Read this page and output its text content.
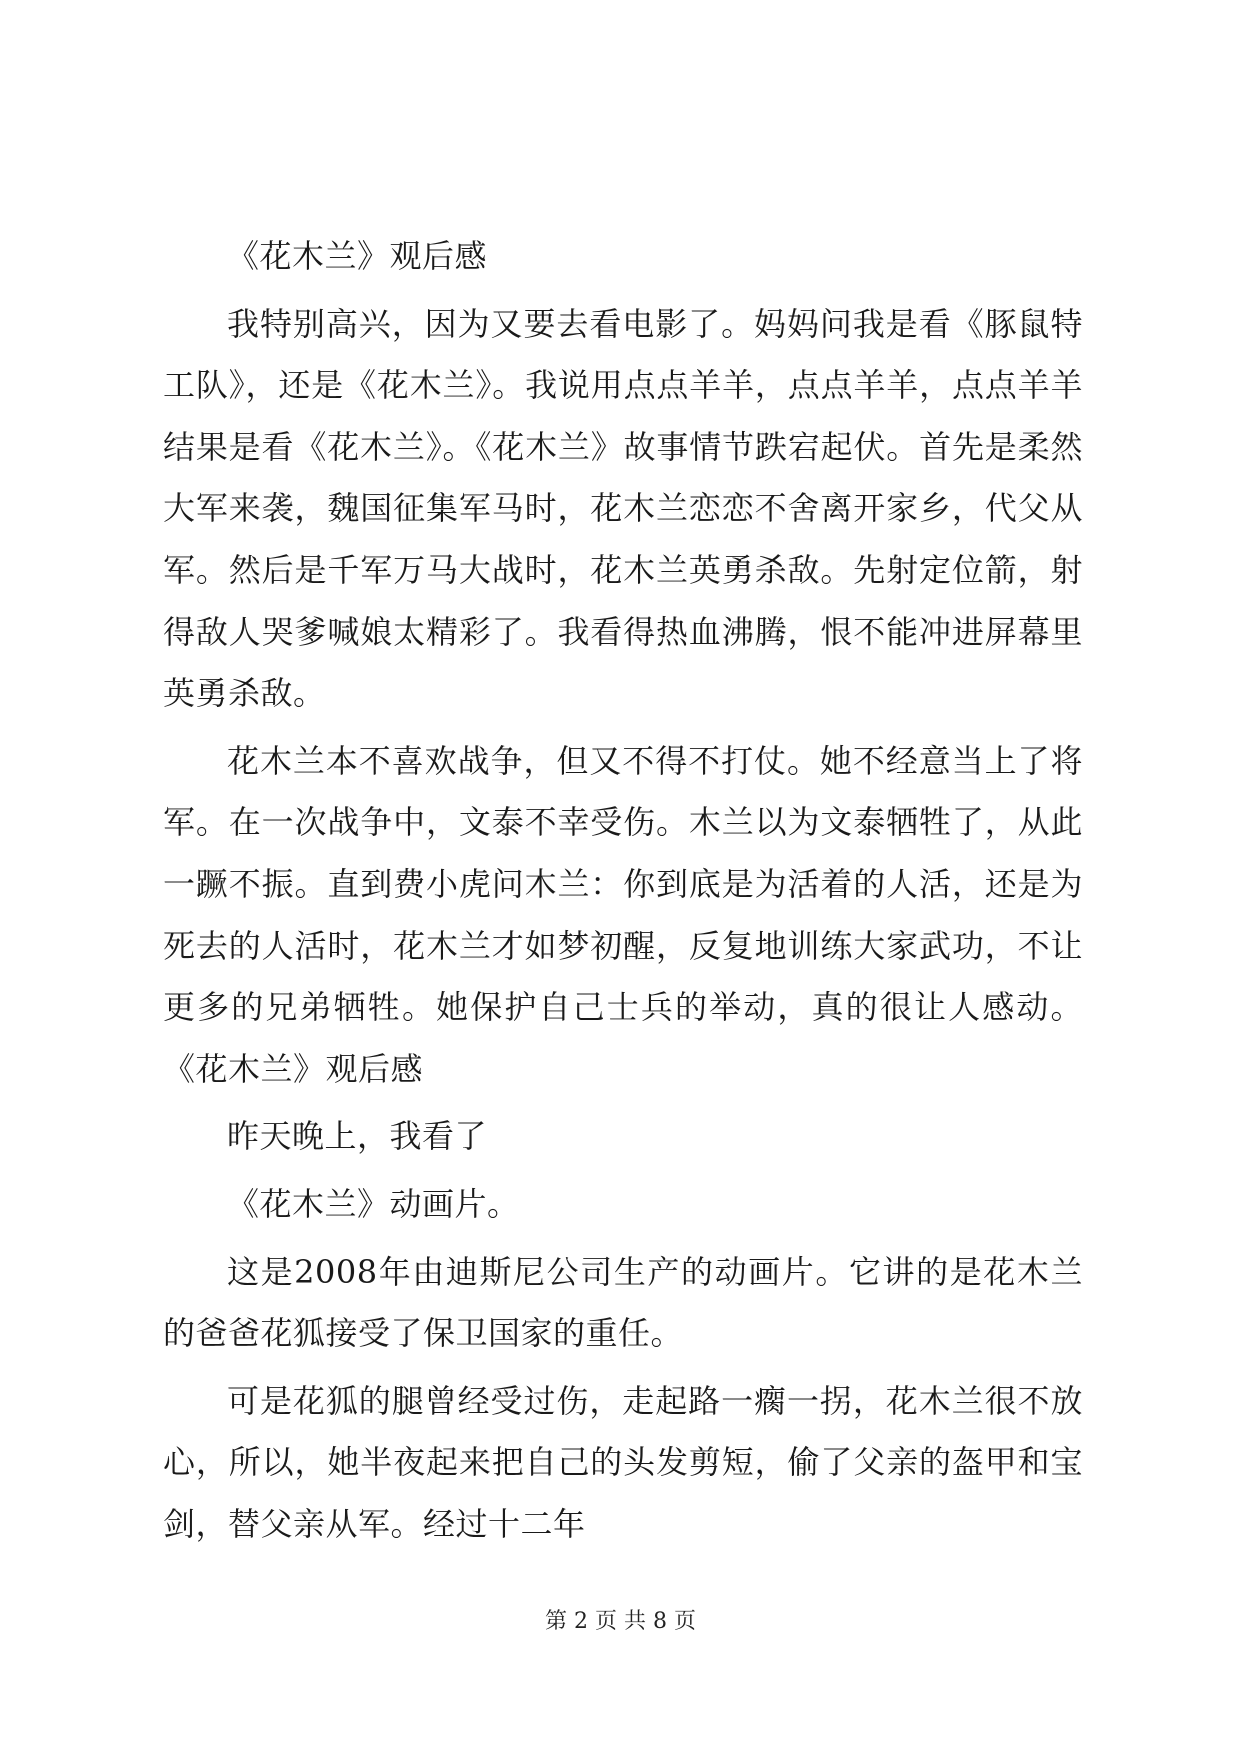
《花木兰》观后感

我特别高兴，因为又要去看电影了。妈妈问我是看《豚鼠特工队》，还是《花木兰》。我说用点点羊羊，点点羊羊，点点羊羊结果是看《花木兰》。《花木兰》故事情节跌宕起伏。首先是柔然大军来袭，魏国征集军马时，花木兰恋恋不舍离开家乡，代父从军。然后是千军万马大战时，花木兰英勇杀敌。先射定位箭，射得敌人哭爹喊娘太精彩了。我看得热血沸腾，恨不能冲进屏幕里英勇杀敌。

花木兰本不喜欢战争，但又不得不打仗。她不经意当上了将军。在一次战争中，文泰不幸受伤。木兰以为文泰牺牲了，从此一蹶不振。直到费小虎问木兰：你到底是为活着的人活，还是为死去的人活时，花木兰才如梦初醒，反复地训练大家武功，不让更多的兄弟牺牲。她保护自己士兵的举动，真的很让人感动。《花木兰》观后感

昨天晚上，我看了

《花木兰》动画片。

这是2008年由迪斯尼公司生产的动画片。它讲的是花木兰的爸爸花狐接受了保卫国家的重任。

可是花狐的腿曾经受过伤，走起路一瘸一拐，花木兰很不放心，所以，她半夜起来把自己的头发剪短，偷了父亲的盔甲和宝剑，替父亲从军。经过十二年

第 2 页 共 8 页
